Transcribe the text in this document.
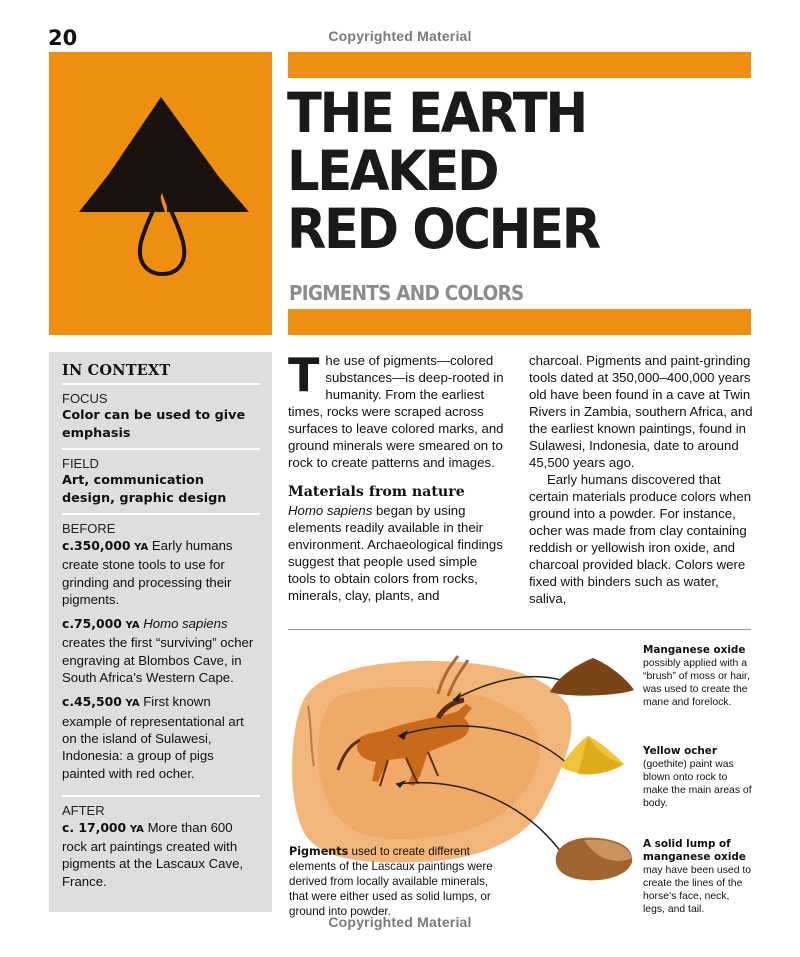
20	Copyrighted Material
THE EARTH
LEAKED
RED OCHER
PIGMENTS AND COLORS
IN CONTEXT
FOCUS
Color can be used to give emphasis
FIELD
Art, communication design, graphic design
BEFORE
c.350,000 YA Early humans create stone tools to use for grinding and processing their pigments.
c.75,000 YA Homo sapiens creates the first “surviving” ocher engraving at Blombos Cave, in South Africa’s Western Cape.
c.45,500 YA First known example of representational art on the island of Sulawesi, Indonesia: a group of pigs painted with red ocher.
AFTER
c. 17,000 YA More than 600 rock art paintings created with pigments at the Lascaux Cave, France.
T he use of pigments—colored substances—is deep-rooted in humanity. From the earliest times, rocks were scraped across surfaces to leave colored marks, and ground minerals were smeared on to rock to create patterns and images.

Materials from nature

Homo sapiens began by using elements readily available in their environment. Archaeological findings suggest that people used simple tools to obtain colors from rocks, minerals, clay, plants, and

charcoal. Pigments and paint-grinding tools dated at 350,000–400,000 years old have been found in a cave at Twin Rivers in Zambia, southern Africa, and the earliest known paintings, found in Sulawesi, Indonesia, date to around 45,500 years ago.

Early humans discovered that certain materials produce colors when ground into a powder. For instance, ocher was made from clay containing reddish or yellowish iron oxide, and charcoal provided black. Colors were fixed with binders such as water, saliva,

Manganese oxide
possibly applied with a “brush” of moss or hair, was used to create the mane and forelock.
Yellow ocher
(goethite) paint was blown onto rock to make the main areas of body.
A solid lump of manganese oxide
may have been used to create the lines of the horse’s face, neck, legs, and tail.
Pigments used to create different elements of the Lascaux paintings were derived from locally available minerals, that were either used as solid lumps, or ground into powder.
Copyrighted Material
